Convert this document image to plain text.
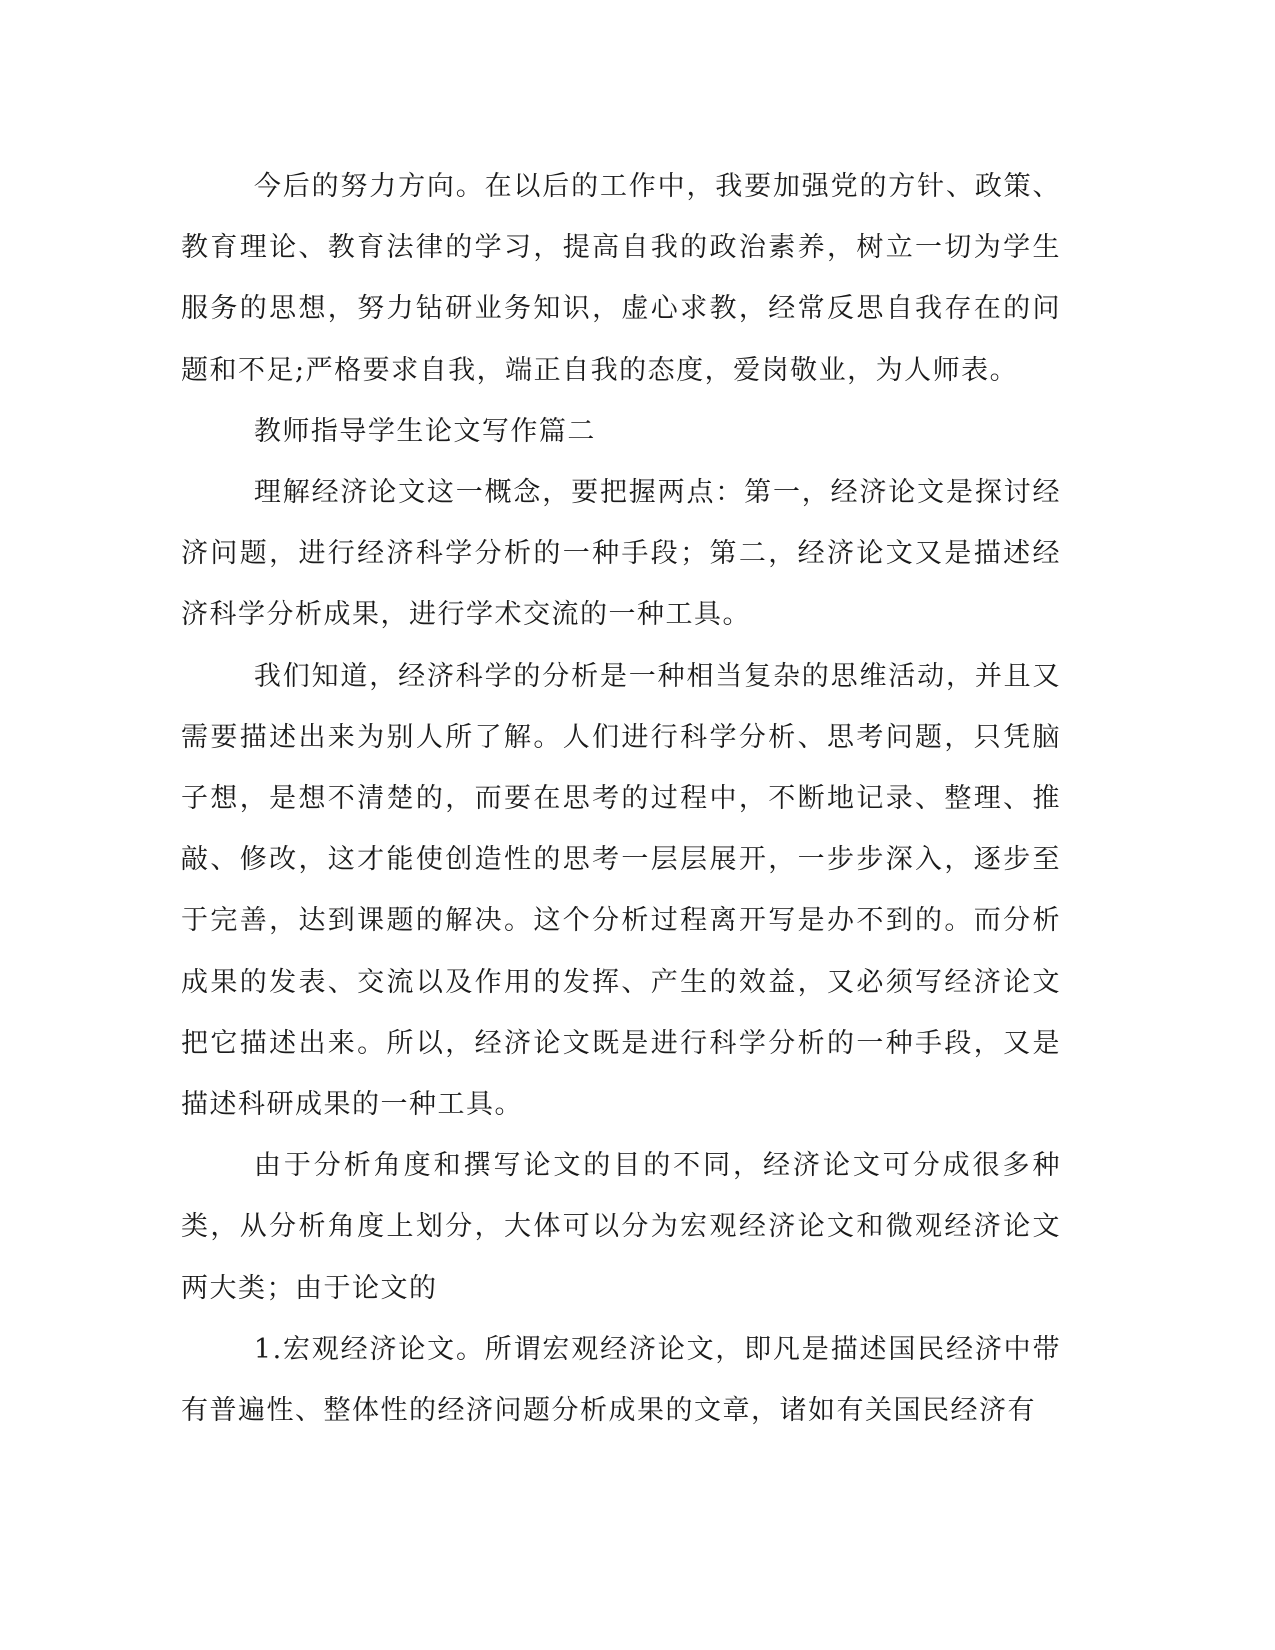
今后的努力方向。在以后的工作中，我要加强党的方针、政策、教育理论、教育法律的学习，提高自我的政治素养，树立一切为学生服务的思想，努力钻研业务知识，虚心求教，经常反思自我存在的问题和不足;严格要求自我，端正自我的态度，爱岗敬业，为人师表。

教师指导学生论文写作篇二

理解经济论文这一概念，要把握两点：第一，经济论文是探讨经济问题，进行经济科学分析的一种手段；第二，经济论文又是描述经济科学分析成果，进行学术交流的一种工具。

我们知道，经济科学的分析是一种相当复杂的思维活动，并且又需要描述出来为别人所了解。人们进行科学分析、思考问题，只凭脑子想，是想不清楚的，而要在思考的过程中，不断地记录、整理、推敲、修改，这才能使创造性的思考一层层展开，一步步深入，逐步至于完善，达到课题的解决。这个分析过程离开写是办不到的。而分析成果的发表、交流以及作用的发挥、产生的效益，又必须写经济论文把它描述出来。所以，经济论文既是进行科学分析的一种手段，又是描述科研成果的一种工具。

由于分析角度和撰写论文的目的不同，经济论文可分成很多种类，从分析角度上划分，大体可以分为宏观经济论文和微观经济论文两大类；由于论文的

1.宏观经济论文。所谓宏观经济论文，即凡是描述国民经济中带有普遍性、整体性的经济问题分析成果的文章，诸如有关国民经济有
